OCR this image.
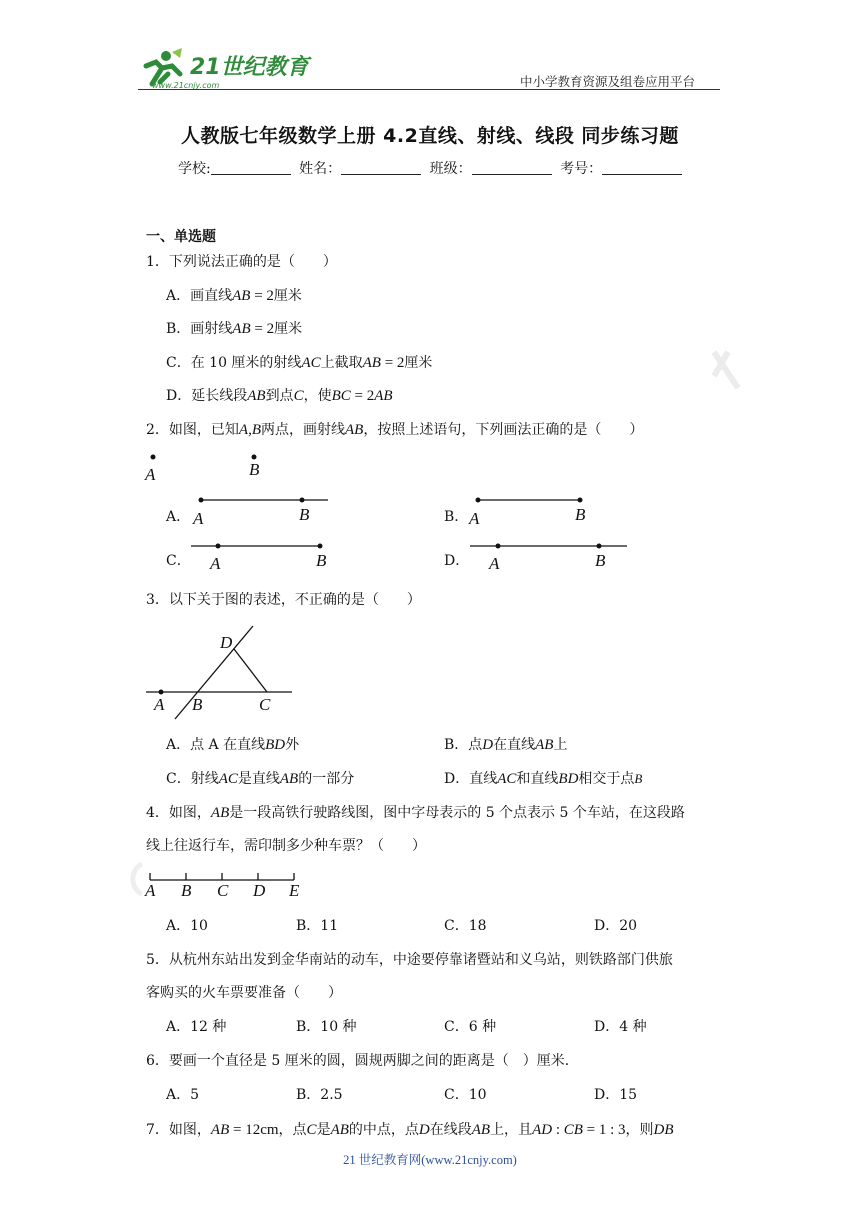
21世纪教育
www.21cnjy.com	中小学教育资源及组卷应用平台
人教版七年级数学上册 4.2直线、射线、线段 同步练习题
学校:	姓名：	班级：	考号：
一、单选题
1．下列说法正确的是（　　）
A．画直线AB = 2厘米
B．画射线AB = 2厘米
C．在 10 厘米的射线AC上截取AB = 2厘米
D．延长线段AB到点C，使BC = 2AB
2．如图，已知A,B两点，画射线AB，按照上述语句，下列画法正确的是（　　）
A	B
A． A	B	B． A	B
C． A	B	D． A	B
3．以下关于图的表述，不正确的是（　　）
D
A B	C
A．点 A 在直线BD外	B．点D在直线AB上
C．射线AC是直线AB的一部分	D．直线AC和直线BD相交于点B
4．如图，AB是一段高铁行驶路线图，图中字母表示的 5 个点表示 5 个车站，在这段路
线上往返行车，需印制多少种车票？（　　）
A B C D E
A．10	B．11	C．18	D．20
5．从杭州东站出发到金华南站的动车，中途要停靠诸暨站和义乌站，则铁路部门供旅
客购买的火车票要准备（　　）
A．12 种	B．10 种	C．6 种	D．4 种
6．要画一个直径是 5 厘米的圆，圆规两脚之间的距离是（　）厘米．
A．5	B．2.5	C．10	D．15
7．如图，AB = 12cm，点C是AB的中点，点D在线段AB上，且AD : CB = 1 : 3，则DB
21 世纪教育网(www.21cnjy.com)
